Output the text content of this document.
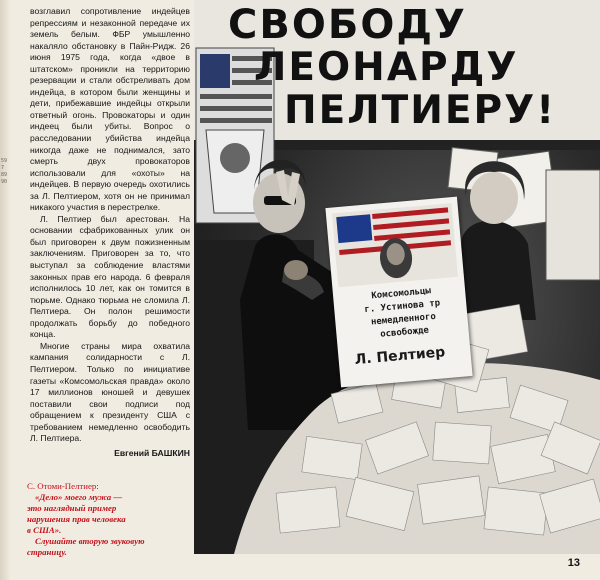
597 89 90

возглавил сопротивление индейцев репрессиям и незаконной передаче их земель белым. ФБР умышленно накаляло обстановку в Пайн-Ридж. 26 июня 1975 года, когда «двое в штатском» проникли на территорию резервации и стали обстреливать дом индейца, в котором были женщины и дети, прибежавшие индейцы открыли ответный огонь. Провокаторы и один индеец были убиты. Вопрос о расследовании убийства индейца никогда даже не поднимался, зато смерть двух провокаторов использовали для «охоты» на индейцев. В первую очередь охотились за Л. Пелтиером, хотя он не принимал никакого участия в перестрелке.

Л. Пелтиер был арестован. На основании сфабрикованных улик он был приговорен к двум пожизненным заключениям. Приговорен за то, что выступал за соблюдение властями законных прав его народа. 6 февраля исполнилось 10 лет, как он томится в тюрьме. Однако тюрьма не сломила Л. Пелтиера. Он полон решимости продолжать борьбу до победного конца.

Многие страны мира охватила кампания солидарности с Л. Пелтиером. Только по инициативе газеты «Комсомольская правда» около 17 миллионов юношей и девушек поставили свои подписи под обращением к президенту США с требованием немедленно освободить Л. Пелтиера.

Евгений БАШКИН
С. Отоми-Пелтиер:
«Дело» моего мужа —
это наглядный пример
нарушения прав человека
в США».
Слушайте вторую звуковую
страницу.
СВОБОДУ
ЛЕОНАРДУ
ПЕЛТИЕРУ!
Комсомольцы
г. Устинова тр
немедленного
освобожде
Л. Пелтиер
13
